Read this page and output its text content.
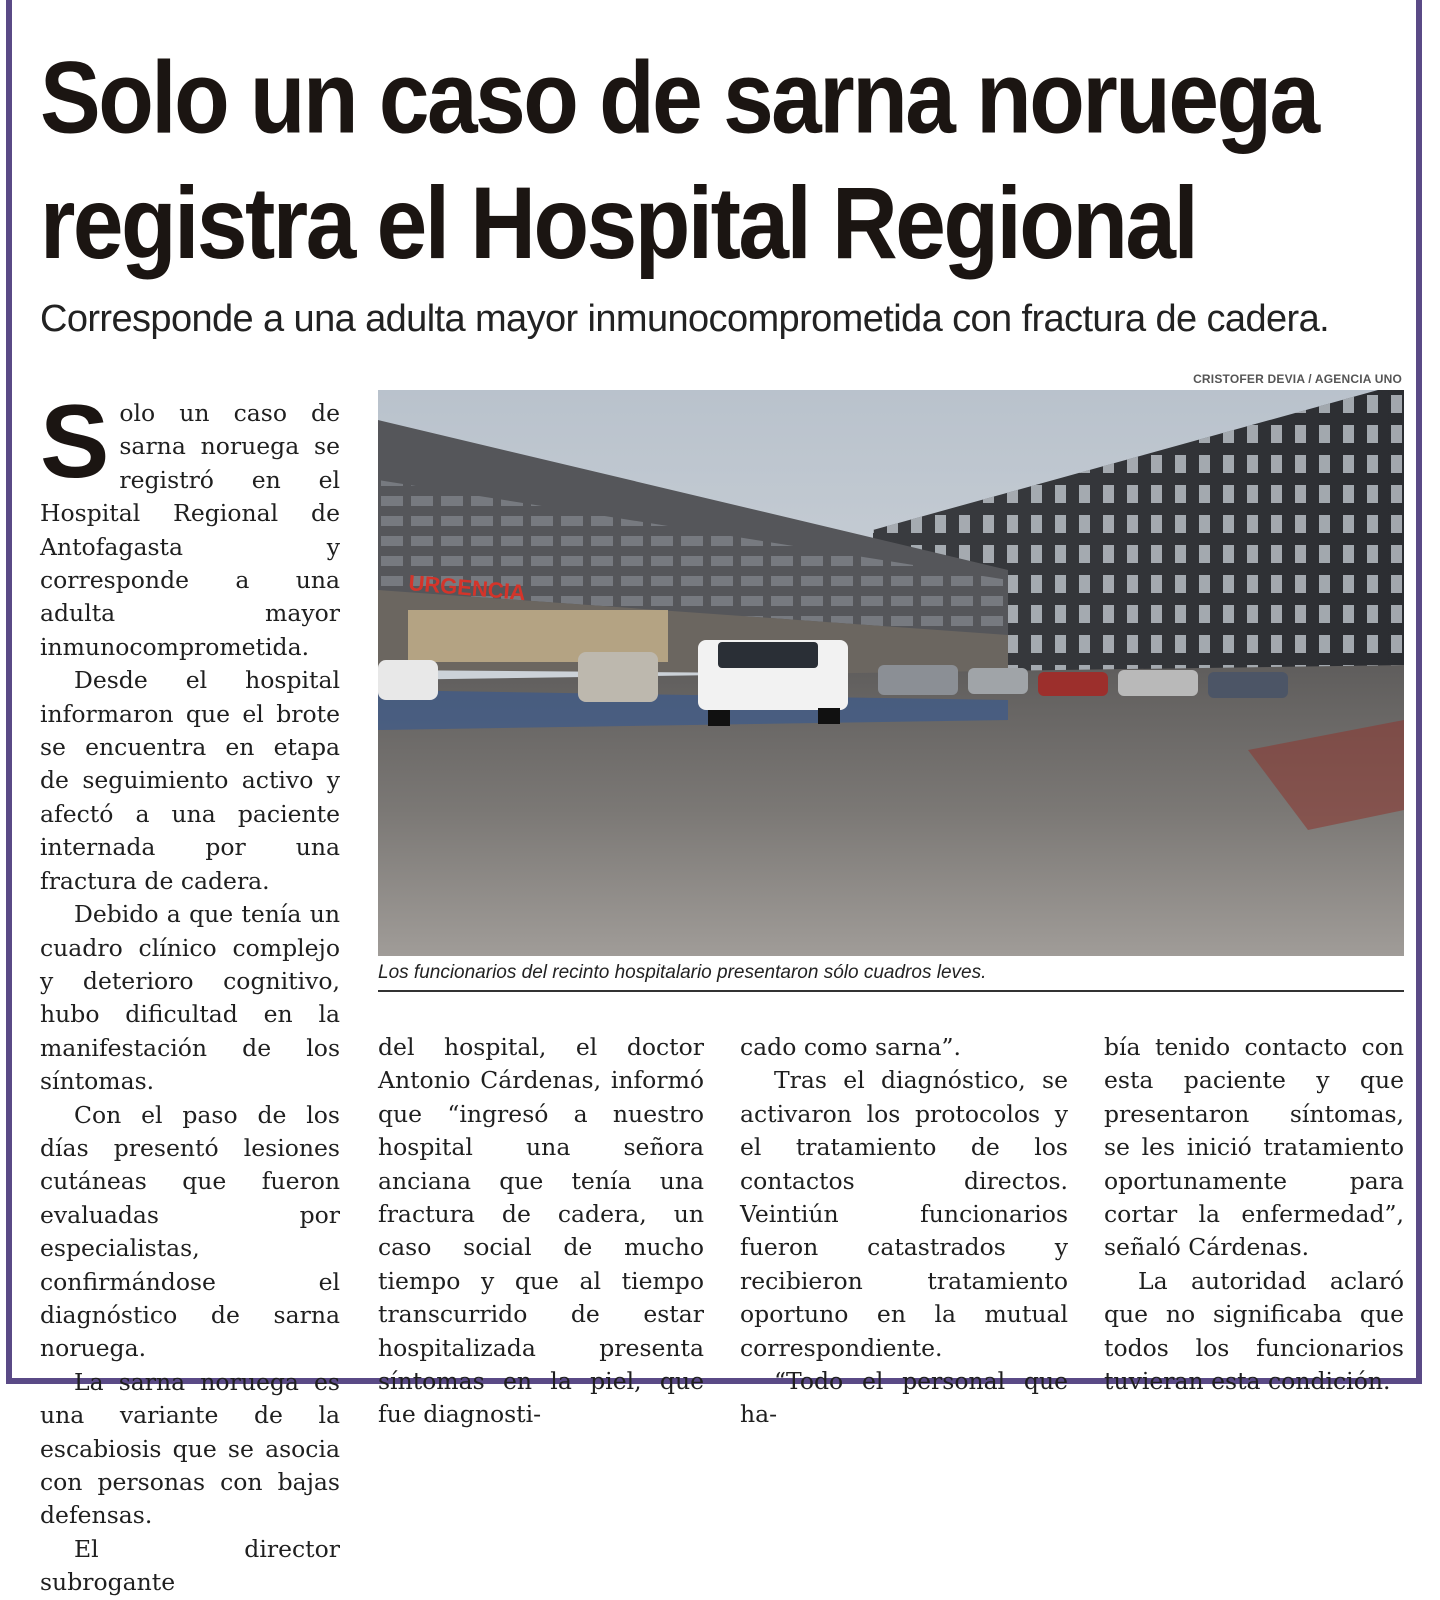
Solo un caso de sarna noruega registra el Hospital Regional

Corresponde a una adulta mayor inmunocomprometida con fractura de cadera.

CRISTOFER DEVIA / AGENCIA UNO
URGENCIA
Los funcionarios del recinto hospitalario presentaron sólo cuadros leves.

Solo un caso de sarna noruega se registró en el Hospital Regional de Antofagasta y corresponde a una adulta mayor inmunocomprometida.

Desde el hospital informaron que el brote se encuentra en etapa de seguimiento activo y afectó a una paciente internada por una fractura de cadera.

Debido a que tenía un cuadro clínico complejo y deterioro cognitivo, hubo dificultad en la manifestación de los síntomas.

Con el paso de los días presentó lesiones cutáneas que fueron evaluadas por especialistas, confirmándose el diagnóstico de sarna noruega.

La sarna noruega es una variante de la escabiosis que se asocia con personas con bajas defensas.

El director subrogante

del hospital, el doctor Antonio Cárdenas, informó que “ingresó a nuestro hospital una señora anciana que tenía una fractura de cadera, un caso social de mucho tiempo y que al tiempo transcurrido de estar hospitalizada presenta síntomas en la piel, que fue diagnosti-

cado como sarna”.

Tras el diagnóstico, se activaron los protocolos y el tratamiento de los contactos directos. Veintiún funcionarios fueron catastrados y recibieron tratamiento oportuno en la mutual correspondiente.

“Todo el personal que ha-

bía tenido contacto con esta paciente y que presentaron síntomas, se les inició tratamiento oportunamente para cortar la enfermedad”, señaló Cárdenas.

La autoridad aclaró que no significaba que todos los funcionarios tuvieran esta condición.
